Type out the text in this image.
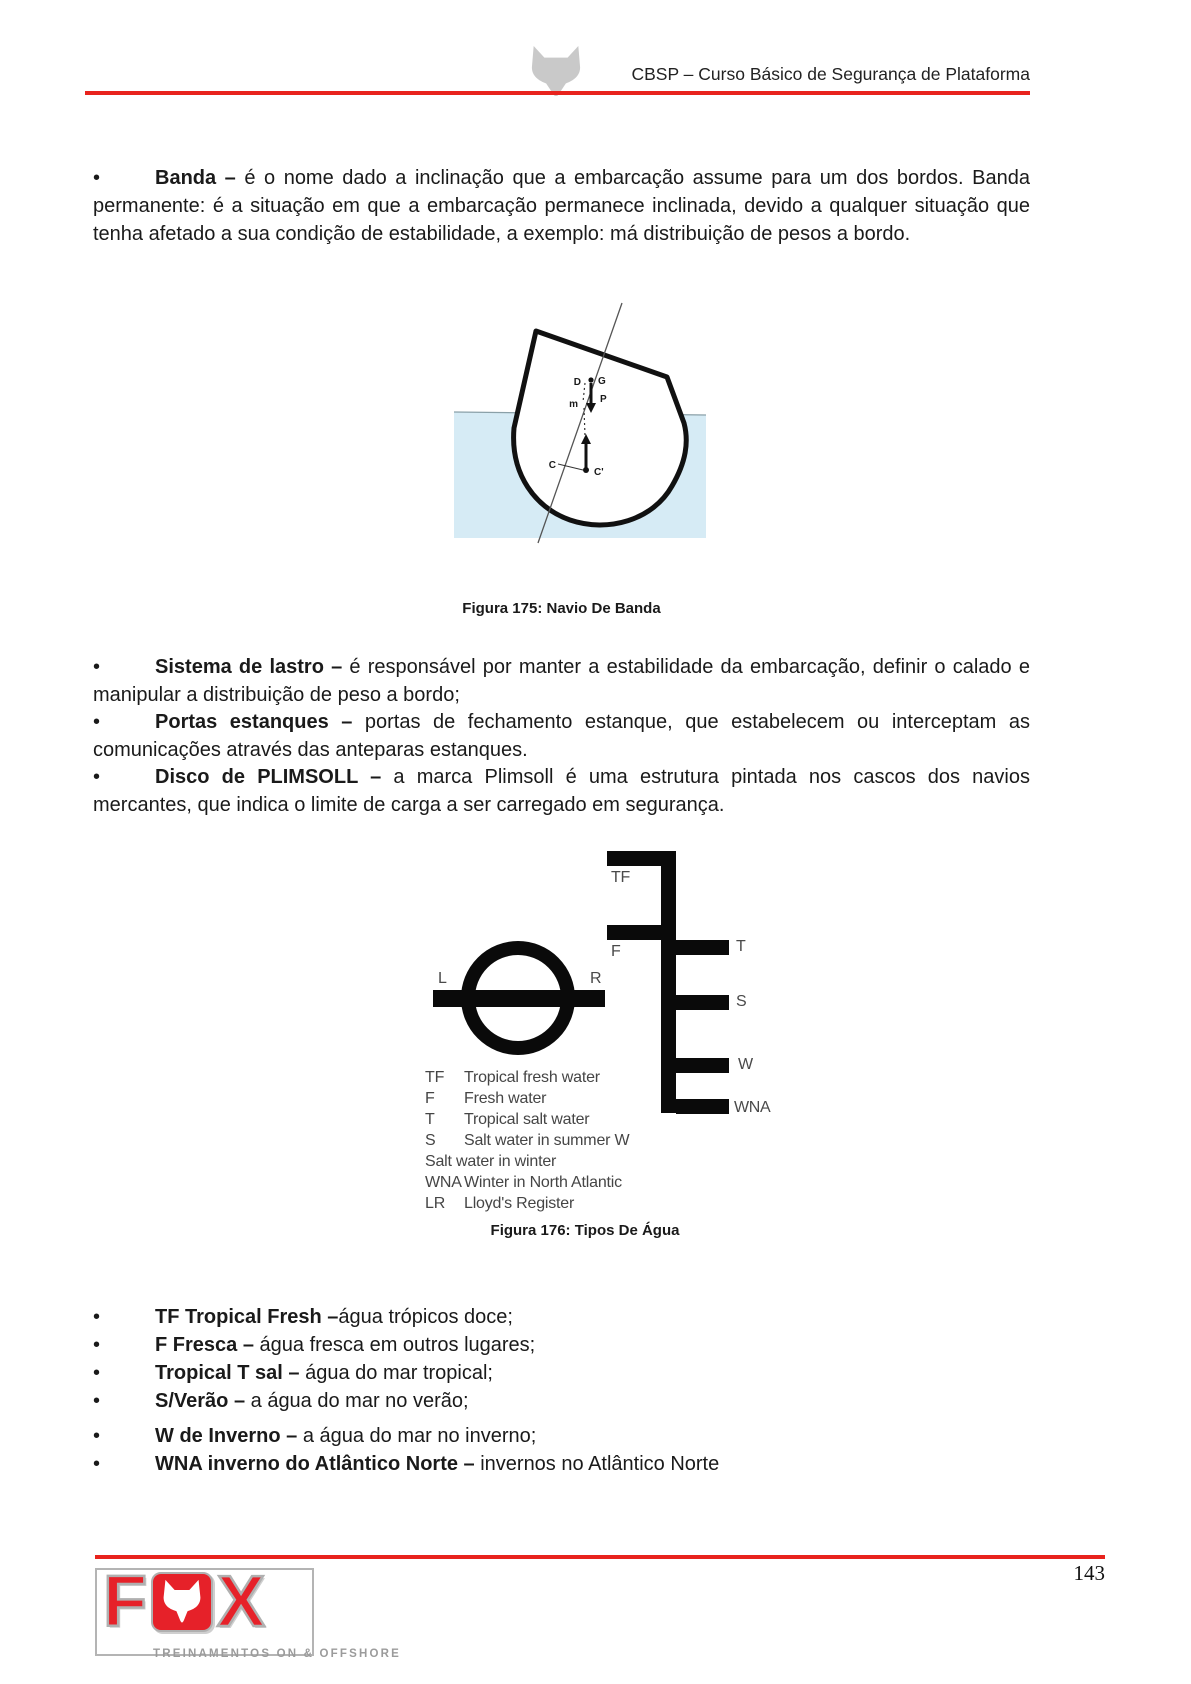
CBSP – Curso Básico de Segurança de Plataforma

•	Banda – é o nome dado a inclinação que a embarcação assume para um dos bordos. Banda permanente: é a situação em que a embarcação permanece inclinada, devido a qualquer situação que tenha afetado a sua condição de estabilidade, a exemplo: má distribuição de pesos a bordo.

D G
P
m
C
C'

Figura 175: Navio De Banda

•	Sistema de lastro – é responsável por manter a estabilidade da embarcação, definir o calado e manipular a distribuição de peso a bordo;

•	Portas estanques – portas de fechamento estanque, que estabelecem ou interceptam as comunicações através das anteparas estanques.

•	Disco de PLIMSOLL – a marca Plimsoll é uma estrutura pintada nos cascos dos navios mercantes, que indica o limite de carga a ser carregado em segurança.

L	R
TF
F	T
S
W
WNA
TF	Tropical fresh water
F	Fresh water
T	Tropical salt water
S	Salt water in summer W
Salt water in winter
WNA Winter in North Atlantic
LR	Lloyd's Register

Figura 176: Tipos De Água

•	TF Tropical Fresh –água trópicos doce;
•	F Fresca – água fresca em outros lugares;
•	Tropical T sal – água do mar tropical;
•	S/Verão – a água do mar no verão;
•	W de Inverno – a água do mar no inverno;
•	WNA inverno do Atlântico Norte – invernos no Atlântico Norte
143
F X
TREINAMENTOS ON & OFFSHORE
